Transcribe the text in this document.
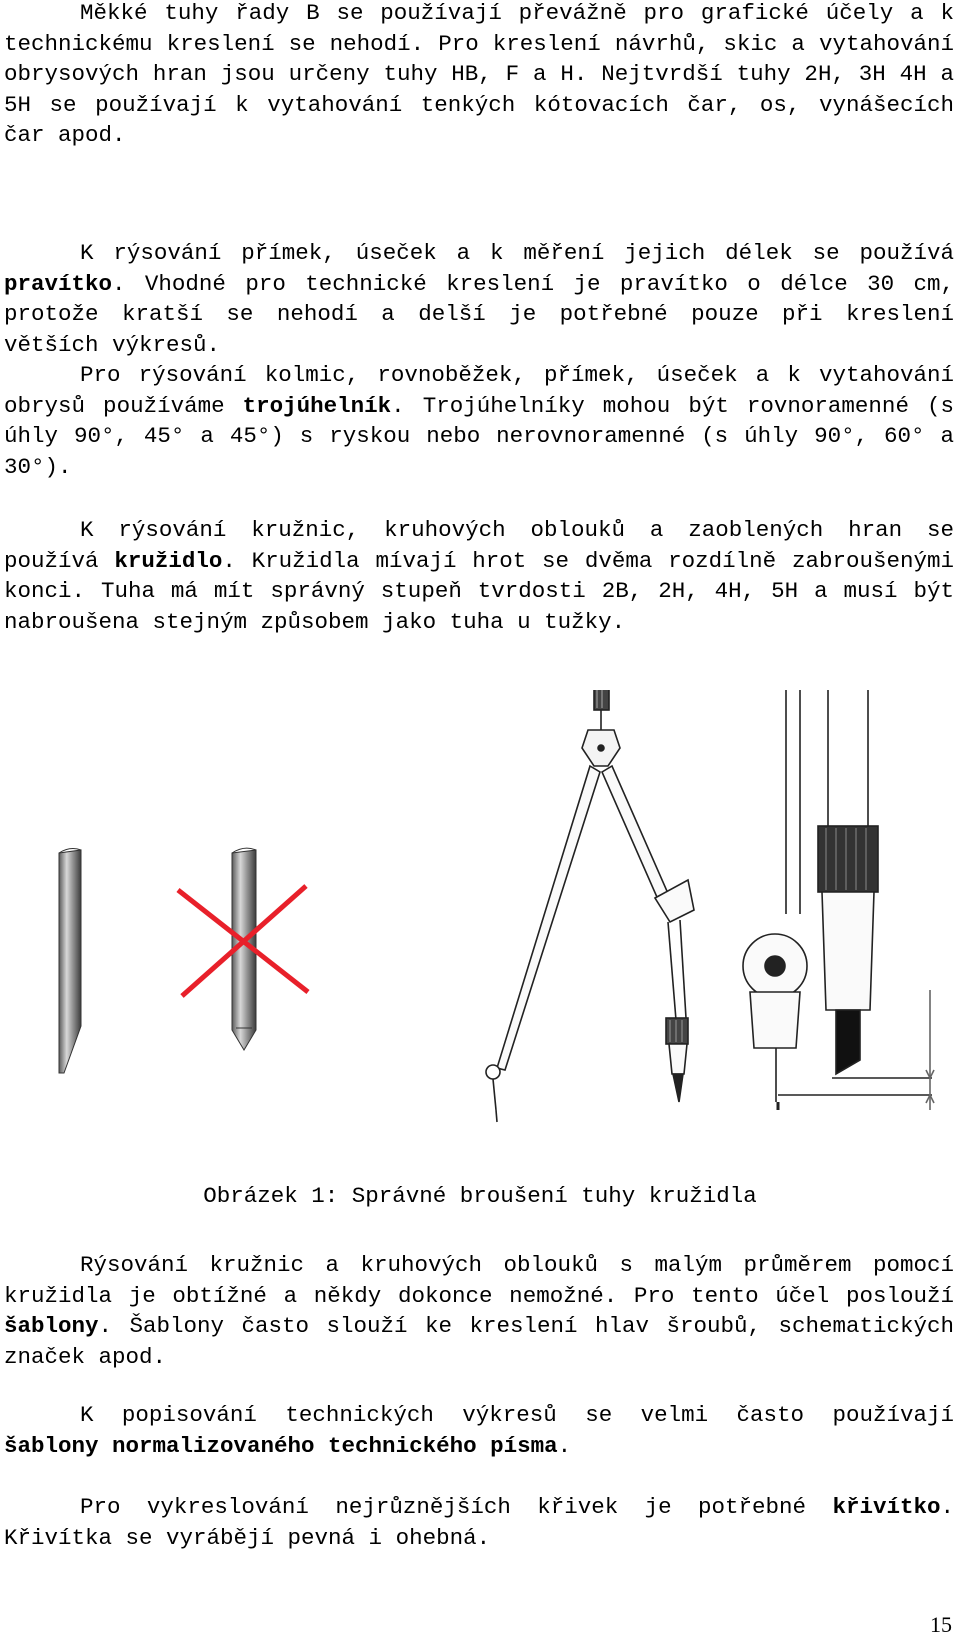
Měkké tuhy řady B se používají převážně pro grafické účely a k technickému kreslení se nehodí. Pro kreslení návrhů, skic a vytahování obrysových hran jsou určeny tuhy HB, F a H. Nejtvrdší tuhy 2H, 3H 4H a 5H se používají k vytahování tenkých kótovacích čar, os, vynášecích čar apod.

K rýsování přímek, úseček a k měření jejich délek se používá pravítko. Vhodné pro technické kreslení je pravítko o délce 30 cm, protože kratší se nehodí a delší je potřebné pouze při kreslení větších výkresů.

Pro rýsování kolmic, rovnoběžek, přímek, úseček a k vytahování obrysů používáme trojúhelník. Trojúhelníky mohou být rovnoramenné (s úhly 90°, 45° a 45°) s ryskou nebo nerovnoramenné (s úhly 90°, 60° a 30°).

K rýsování kružnic, kruhových oblouků a zaoblených hran se používá kružidlo. Kružidla mívají hrot se dvěma rozdílně zabroušenými konci. Tuha má mít správný stupeň tvrdosti 2B, 2H, 4H, 5H a musí být nabroušena stejným způsobem jako tuha u tužky.

Obrázek 1: Správné broušení tuhy kružidla

Rýsování kružnic a kruhových oblouků s malým průměrem pomocí kružidla je obtížné a někdy dokonce nemožné. Pro tento účel poslouží šablony. Šablony často slouží ke kreslení hlav šroubů, schematických značek apod.

K popisování technických výkresů se velmi často používají šablony normalizovaného technického písma.

Pro vykreslování nejrůznějších křivek je potřebné křivítko. Křivítka se vyrábějí pevná i ohebná.

15
